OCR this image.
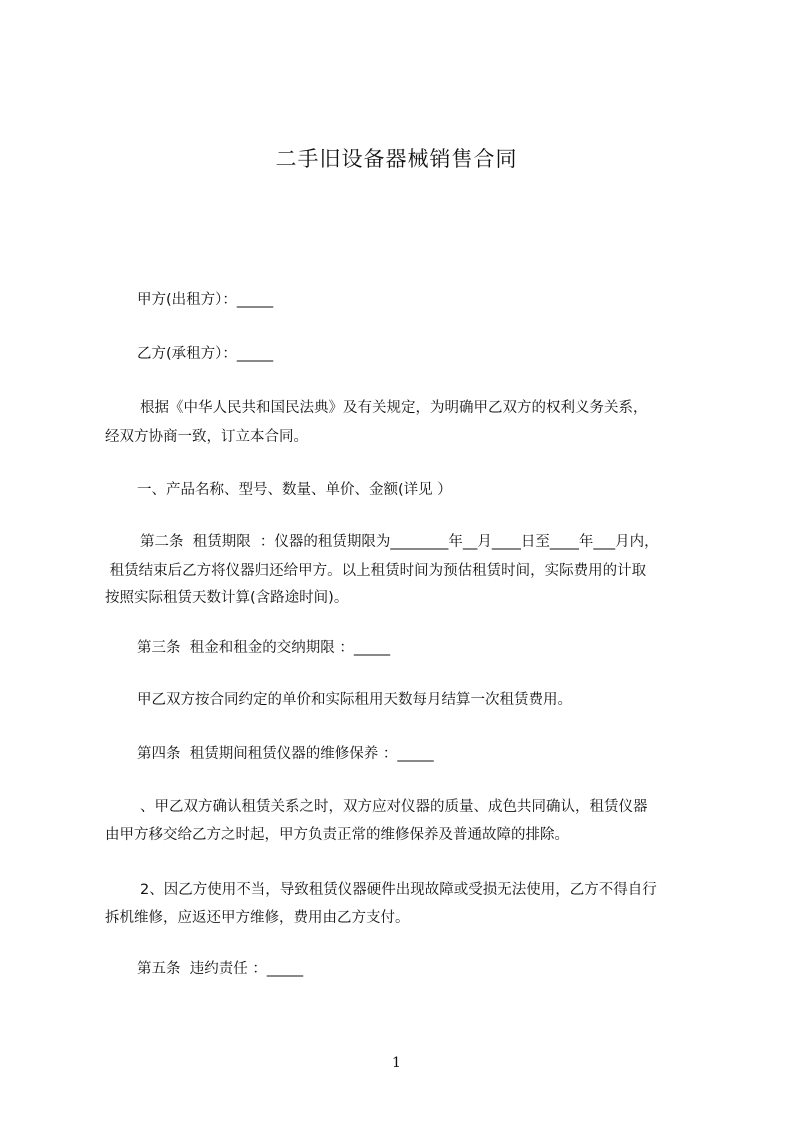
二手旧设备器械销售合同
甲方(出租方）：_____
乙方(承租方）：_____
根据《中华人民共和国民法典》及有关规定，为明确甲乙双方的权利义务关系，
经双方协商一致，订立本合同。
一、产品名称、型号、数量、单价、金额(详见 ）
第二条  租赁期限  ：仪器的租赁期限为________年__月____日至____年___月内，
租赁结束后乙方将仪器归还给甲方。以上租赁时间为预估租赁时间，实际费用的计取
按照实际租赁天数计算(含路途时间)。
第三条  租金和租金的交纳期限 ：_____
甲乙双方按合同约定的单价和实际租用天数每月结算一次租赁费用。
第四条  租赁期间租赁仪器的维修保养 ：_____
、甲乙双方确认租赁关系之时，双方应对仪器的质量、成色共同确认，租赁仪器
由甲方移交给乙方之时起，甲方负责正常的维修保养及普通故障的排除。
2、因乙方使用不当，导致租赁仪器硬件出现故障或受损无法使用，乙方不得自行
拆机维修，应返还甲方维修，费用由乙方支付。
第五条  违约责任 ：_____
1
